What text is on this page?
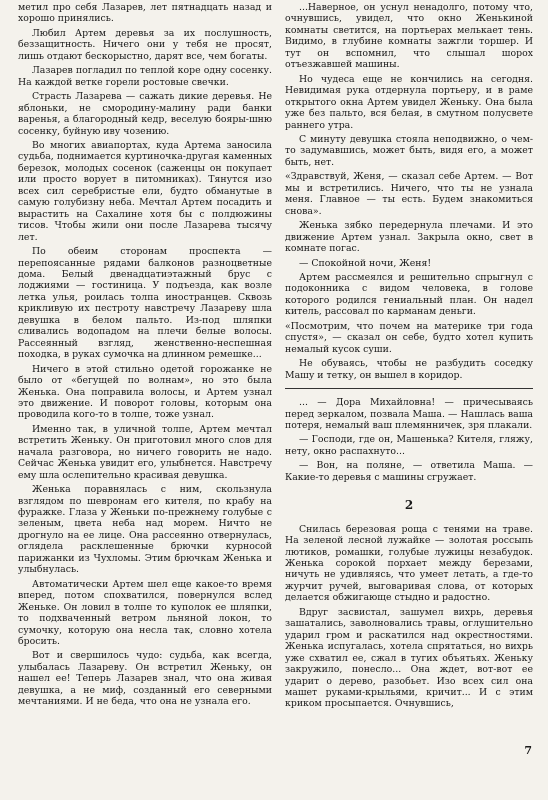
метил про себя Лазарев, лет пятнадцать назад и хорошо принялись.

Любил Артем деревья за их послушность, беззащитность. Ничего они у тебя не просят, лишь отдают бескорыстно, дарят все, чем богаты.

Лазарев погладил по теплой коре одну сосенку. На каждой ветке горели ростовые свечки.

Страсть Лазарева — сажать дикие деревья. Не яблоньки, не смородину-малину ради банки варенья, а благородный кедр, веселую бояры-шню сосенку, буйную иву чозению.

Во многих авиапортах, куда Артема заносила судьба, поднимается куртиночка-другая каменных березок, молодых сосенок (саженцы он покупает или просто ворует в питомниках). Тянутся изо всех сил серебристые ели, будто обманутые в самую голубизну неба. Мечтал Артем посадить и вырастить на Сахалине хотя бы с полдюжины тисов. Чтобы жили они после Лазарева тысячу лет.

По обеим сторонам проспекта — перепоясанные рядами балконов разноцветные дома. Белый двенадцатиэтажный брус с лоджиями — гостиница. У подъезда, как возле летка улья, роилась толпа иностранцев. Сквозь крикливую их пестроту навстречу Лазареву шла девушка в белом пальто. Из-под шляпки сливались водопадом на плечи белые волосы. Рассеянный взгляд, женственно-неспешная походка, в руках сумочка на длинном ремешке...

Ничего в этой стильно одетой горожанке не было от «бегущей по волнам», но это была Женька. Она поправила волосы, и Артем узнал это движение. И поворот головы, которым она проводила кого-то в толпе, тоже узнал.

Именно так, в уличной толпе, Артем мечтал встретить Женьку. Он приготовил много слов для начала разговора, но ничего говорить не надо. Сейчас Женька увидит его, улыбнется. Навстречу ему шла ослепительно красивая девушка.

Женька поравнялась с ним, скользнула взглядом по шевронам его кителя, по крабу на фуражке. Глаза у Женьки по-прежнему голубые с зеленым, цвета неба над морем. Ничто не дрогнуло на ее лице. Она рассеянно отвернулась, оглядела расклешенные брючки курносой парижанки из Чухломы. Этим брючкам Женька и улыбнулась.

Автоматически Артем шел еще какое-то время вперед, потом спохватился, повернулся вслед Женьке. Он ловил в толпе то куполок ее шляпки, то подхваченный ветром льняной локон, то сумочку, которую она несла так, словно хотела бросить.

Вот и свершилось чудо: судьба, как всегда, улыбалась Лазареву. Он встретил Женьку, он нашел ее! Теперь Лазарев знал, что она живая девушка, а не миф, созданный его северными мечтаниями. И не беда, что она не узнала его.

...Наверное, он уснул ненадолго, потому что, очнувшись, увидел, что окно Женькиной комнаты светится, на портьерах мелькает тень. Видимо, в глубине комнаты зажгли торшер. И тут он вспомнил, что слышал шорох отъезжавшей машины.

Но чудеса еще не кончились на сегодня. Невидимая рука отдернула портьеру, и в раме открытого окна Артем увидел Женьку. Она была уже без пальто, вся белая, в смутном полусвете раннего утра.

С минуту девушка стояла неподвижно, о чем-то задумавшись, может быть, видя его, а может быть, нет.

«Здравствуй, Женя, — сказал себе Артем. — Вот мы и встретились. Ничего, что ты не узнала меня. Главное — ты есть. Будем знакомиться снова».

Женька зябко передернула плечами. И это движение Артем узнал. Закрыла окно, свет в комнате погас.

— Спокойной ночи, Женя!

Артем рассмеялся и решительно спрыгнул с подоконника с видом человека, в голове которого родился гениальный план. Он надел китель, рассовал по карманам деньги.

«Посмотрим, что почем на материке три года спустя», — сказал он себе, будто хотел купить немалый кусок суши.

Не обуваясь, чтобы не разбудить соседку Машу и тетку, он вышел в коридор.

... — Дора Михайловна! — причесываясь перед зеркалом, позвала Маша. — Нашлась ваша потеря, немалый ваш племянничек, зря плакали.

— Господи, где он, Машенька? Кителя, гляжу, нету, окно распахнуто...

— Вон, на поляне, — ответила Маша. — Какие-то деревья с машины сгружает.

2

Снилась березовая роща с тенями на траве. На зеленой лесной лужайке — золотая россыпь лютиков, ромашки, голубые лужицы незабудок. Женька сорокой порхает между березами, ничуть не удивляясь, что умеет летать, а где-то журчит ручей, выговаривая слова, от которых делается обжигающе стыдно и радостно.

Вдруг засвистал, зашумел вихрь, деревья зашатались, заволновались травы, оглушительно ударил гром и раскатился над окрестностями. Женька испугалась, хотела спрятаться, но вихрь уже схватил ее, сжал в тугих объятьях. Женьку закружило, понесло... Она ждет, вот-вот ее ударит о дерево, разобьет. Изо всех сил она машет руками-крыльями, кричит... И с этим криком просыпается. Очнувшись,

7
